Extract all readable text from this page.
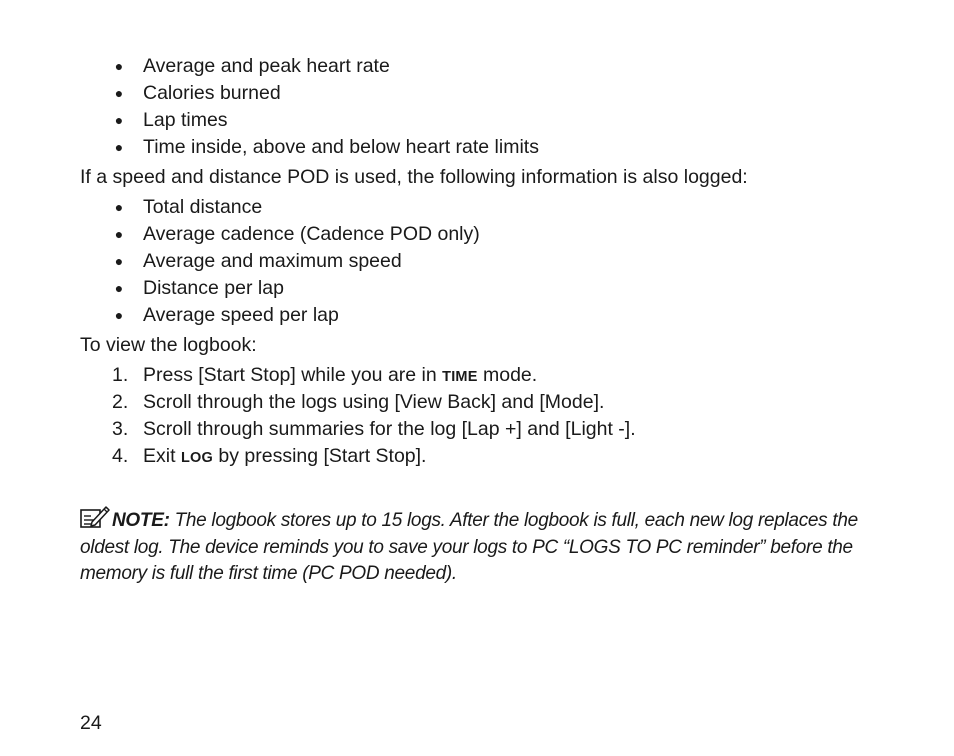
● Average and peak heart rate
● Calories burned
● Lap times
● Time inside, above and below heart rate limits
If a speed and distance POD is used, the following information is also logged:
● Total distance
● Average cadence (Cadence POD only)
● Average and maximum speed
● Distance per lap
● Average speed per lap
To view the logbook:
1. Press [Start Stop] while you are in TIME mode.
2. Scroll through the logs using [View Back] and [Mode].
3. Scroll through summaries for the log [Lap +] and [Light -].
4. Exit LOG by pressing [Start Stop].
NOTE: The logbook stores up to 15 logs. After the logbook is full, each new log replaces the oldest log. The device reminds you to save your logs to PC “LOGS TO PC reminder” before the memory is full the first time (PC POD needed).
24
